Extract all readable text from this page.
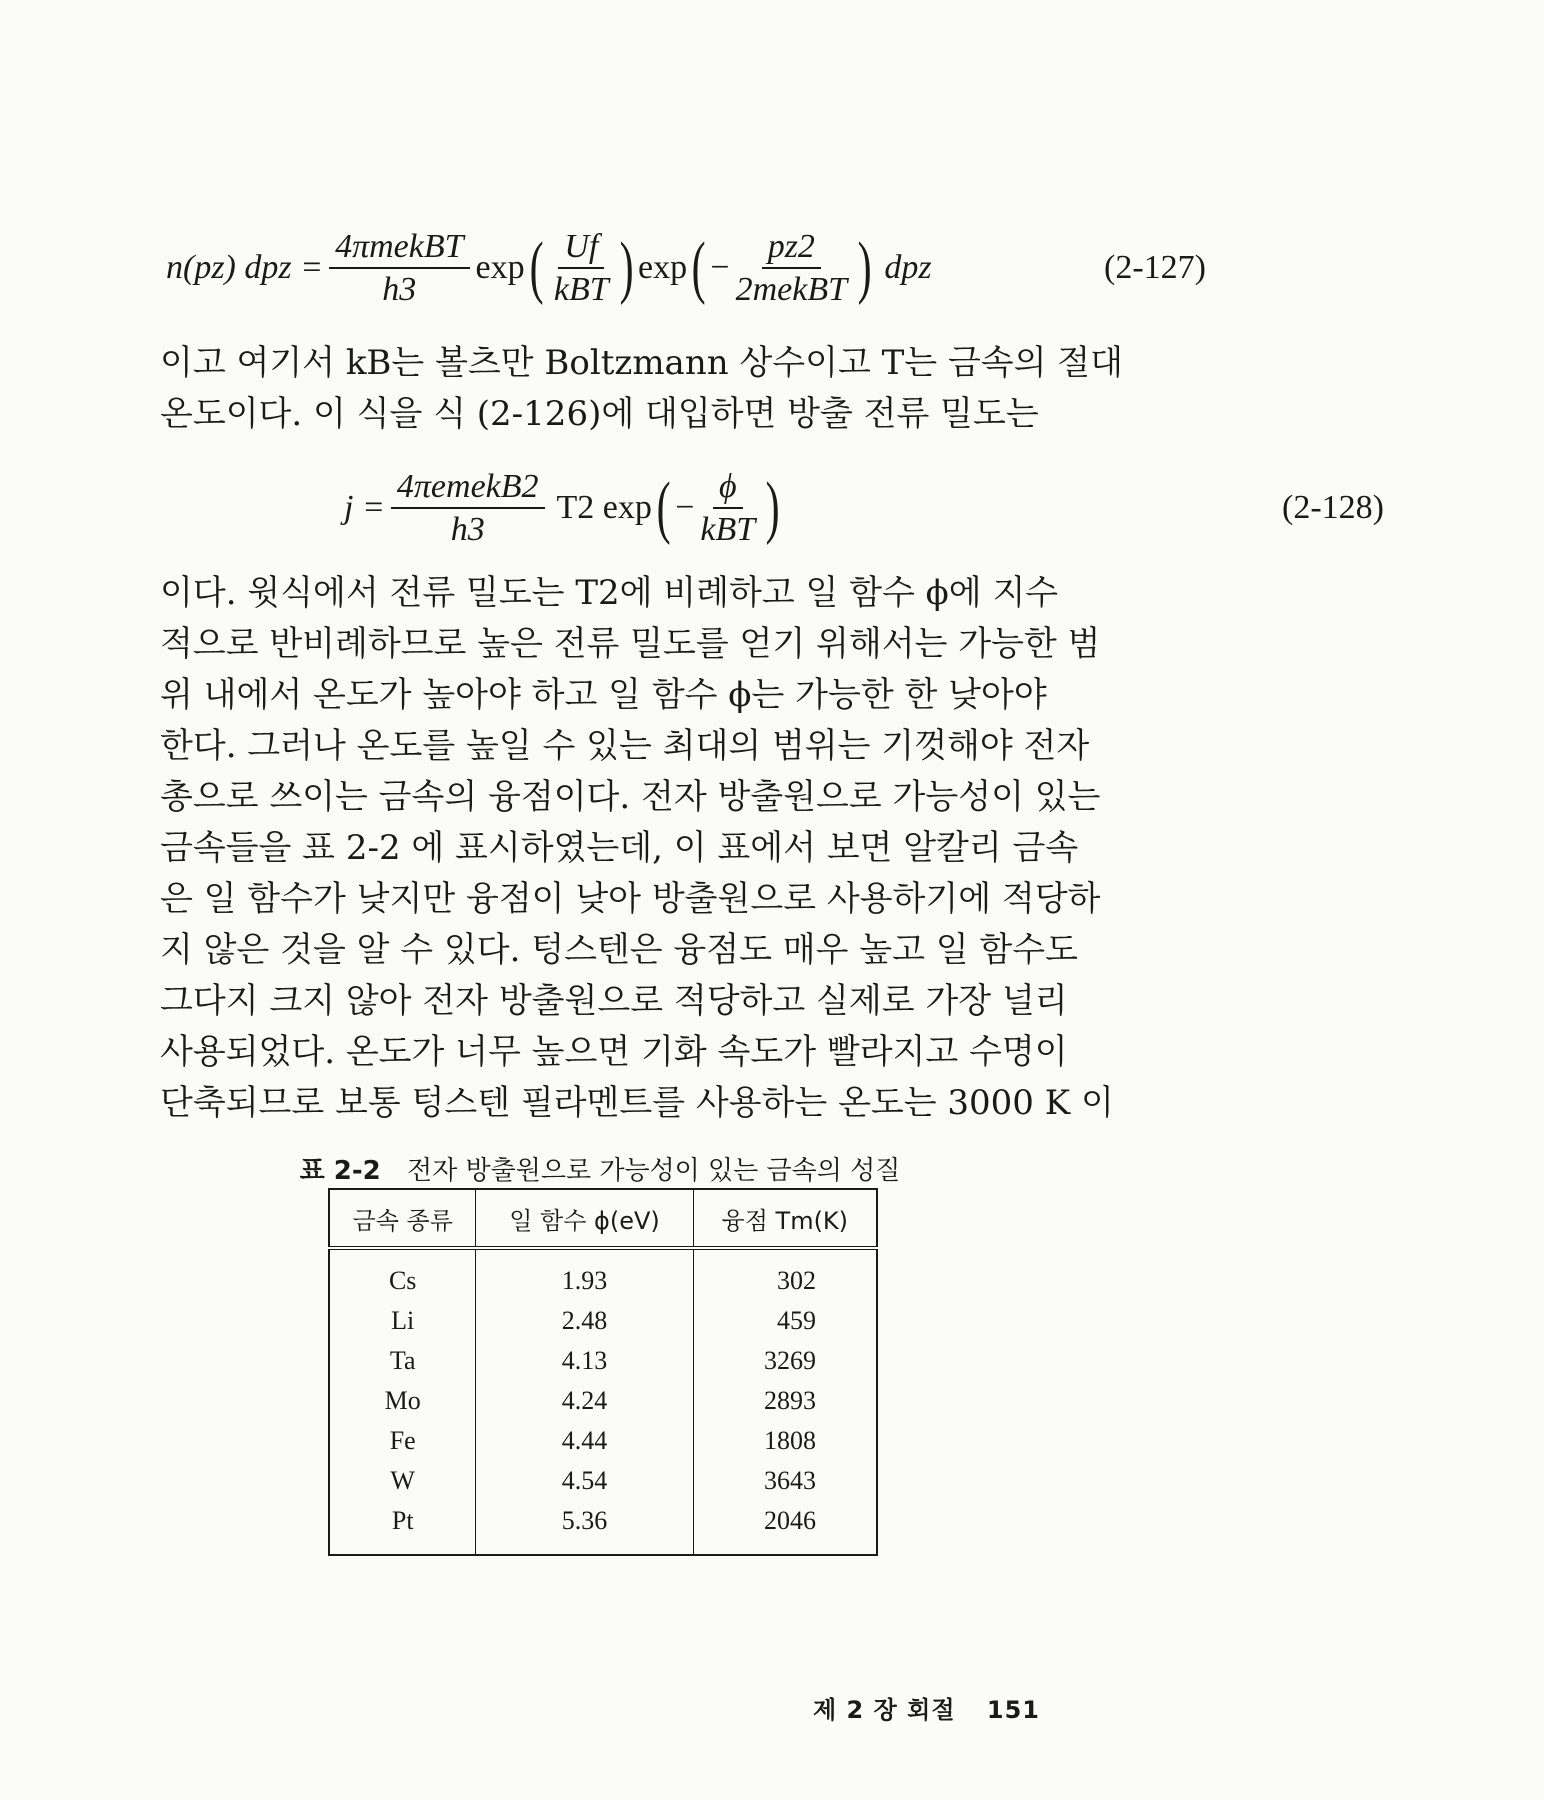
n(pz) dpz = $\frac{\text{4πmekBT}}{h3}$ exp ( $\frac{Uf}{\text{kBT}}$ ) exp ( − $\frac{pz2}{\text{2mekBT}}$ ) dpz	(2-127)
이고 여기서 kB는 볼츠만 Boltzmann 상수이고 T는 금속의 절대
온도이다. 이 식을 식 (2-126)에 대입하면 방출 전류 밀도는
$j = \frac{\text{4πemekB2}}{h3} T2$ exp ( − $\frac{\phi}{\text{kBT}}$ )	(2-128)
이다. 윗식에서 전류 밀도는 T2에 비례하고 일 함수 ϕ에 지수
적으로 반비례하므로 높은 전류 밀도를 얻기 위해서는 가능한 범
위 내에서 온도가 높아야 하고 일 함수 ϕ는 가능한 한 낮아야
한다. 그러나 온도를 높일 수 있는 최대의 범위는 기껏해야 전자
총으로 쓰이는 금속의 융점이다. 전자 방출원으로 가능성이 있는
금속들을 표 2-2 에 표시하였는데, 이 표에서 보면 알칼리 금속
은 일 함수가 낮지만 융점이 낮아 방출원으로 사용하기에 적당하
지 않은 것을 알 수 있다. 텅스텐은 융점도 매우 높고 일 함수도
그다지 크지 않아 전자 방출원으로 적당하고 실제로 가장 널리
사용되었다. 온도가 너무 높으면 기화 속도가 빨라지고 수명이
단축되므로 보통 텅스텐 필라멘트를 사용하는 온도는 3000 K 이
표 2-2 전자 방출원으로 가능성이 있는 금속의 성질
금속 종류	일 함수 ϕ(eV)	융점 Tm(K)
Cs	1.93	302
Li	2.48	459
Ta	4.13	3269
Mo	4.24	2893
Fe	4.44	1808
W	4.54	3643
Pt	5.36	2046
제 2 장 회절 151
